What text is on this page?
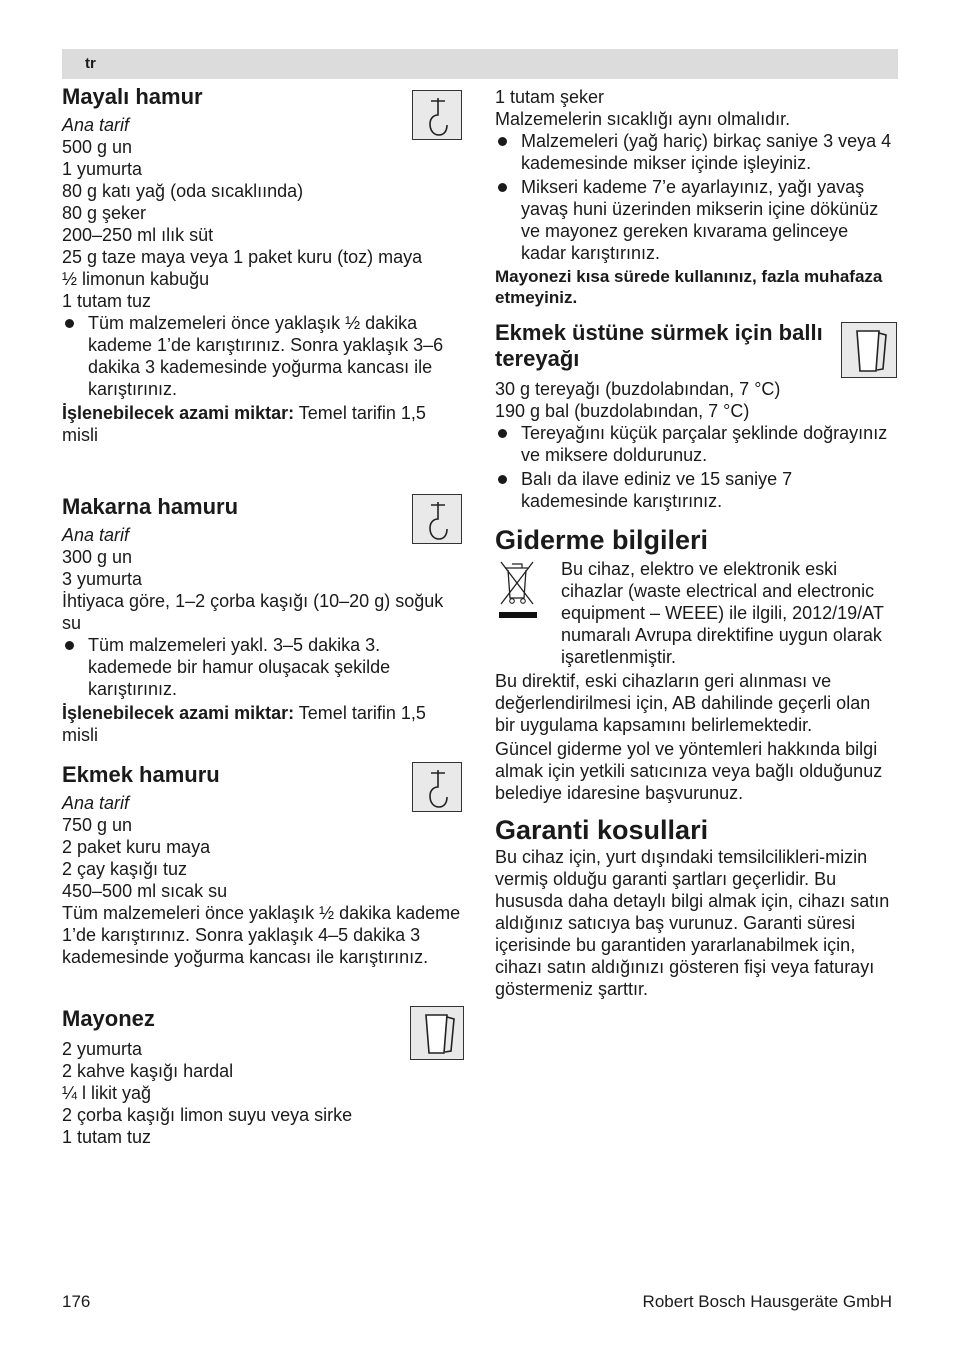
tr

Mayalı hamur

Ana tarif

500 g un

1 yumurta

80 g katı yağ (oda sıcaklıında)

80 g şeker

200–250 ml ılık süt

25 g taze maya veya 1 paket kuru (toz) maya

½ limonun kabuğu

1 tutam tuz

Tüm malzemeleri önce yaklaşık ½ dakika kademe 1’de karıştırınız. Sonra yaklaşık 3–6 dakika 3 kademesinde yoğurma kancası ile karıştırınız.

İşlenebilecek azami miktar: Temel tarifin 1,5 misli

Makarna hamuru

Ana tarif

300 g un

3 yumurta

İhtiyaca göre, 1–2 çorba kaşığı (10–20 g) soğuk su

Tüm malzemeleri yakl. 3–5 dakika 3. kademede bir hamur oluşacak şekilde karıştırınız.

İşlenebilecek azami miktar: Temel tarifin 1,5 misli

Ekmek hamuru

Ana tarif

750 g un

2 paket kuru maya

2 çay kaşığı tuz

450–500 ml sıcak su

Tüm malzemeleri önce yaklaşık ½ dakika kademe 1’de karıştırınız. Sonra yaklaşık 4–5 dakika 3 kademesinde yoğurma kancası ile karıştırınız.

Mayonez

2 yumurta

2 kahve kaşığı hardal

¼ l likit yağ

2 çorba kaşığı limon suyu veya sirke

1 tutam tuz

1 tutam şeker

Malzemelerin sıcaklığı aynı olmalıdır.

Malzemeleri (yağ hariç) birkaç saniye 3 veya 4 kademesinde mikser içinde işleyiniz.
Mikseri kademe 7’e ayarlayınız, yağı yavaş yavaş huni üzerinden mikserin içine dökünüz ve mayonez gereken kıvarama gelinceye kadar karıştırınız.

Mayonezi kısa sürede kullanınız, fazla muhafaza etmeyiniz.

Ekmek üstüne sürmek için ballı tereyağı

30 g tereyağı (buzdolabından, 7 °C)

190 g bal (buzdolabından, 7 °C)

Tereyağını küçük parçalar şeklinde doğrayınız ve miksere doldurunuz.
Balı da ilave ediniz ve 15 saniye 7 kademesinde karıştırınız.

Giderme bilgileri

Bu cihaz, elektro ve elektronik eski cihazlar (waste electrical and electronic equipment – WEEE) ile ilgili, 2012/19/AT numaralı Avrupa direktifine uygun olarak işaretlenmiştir.

Bu direktif, eski cihazların geri alınması ve değerlendirilmesi için, AB dahilinde geçerli olan bir uygulama kapsamını belirlemektedir.

Güncel giderme yol ve yöntemleri hakkında bilgi almak için yetkili satıcınıza veya bağlı olduğunuz belediye idaresine başvurunuz.

Garanti kosullari

Bu cihaz için, yurt dışındaki temsilcilikleri-mizin vermiş olduğu garanti şartları geçerlidir. Bu hususda daha detaylı bilgi almak için, cihazı satın aldığınız satıcıya baş vurunuz. Garanti süresi içerisinde bu garantiden yararlanabilmek için, cihazı satın aldığınızı gösteren fişi veya faturayı göstermeniz şarttır.

176	Robert Bosch Hausgeräte GmbH
